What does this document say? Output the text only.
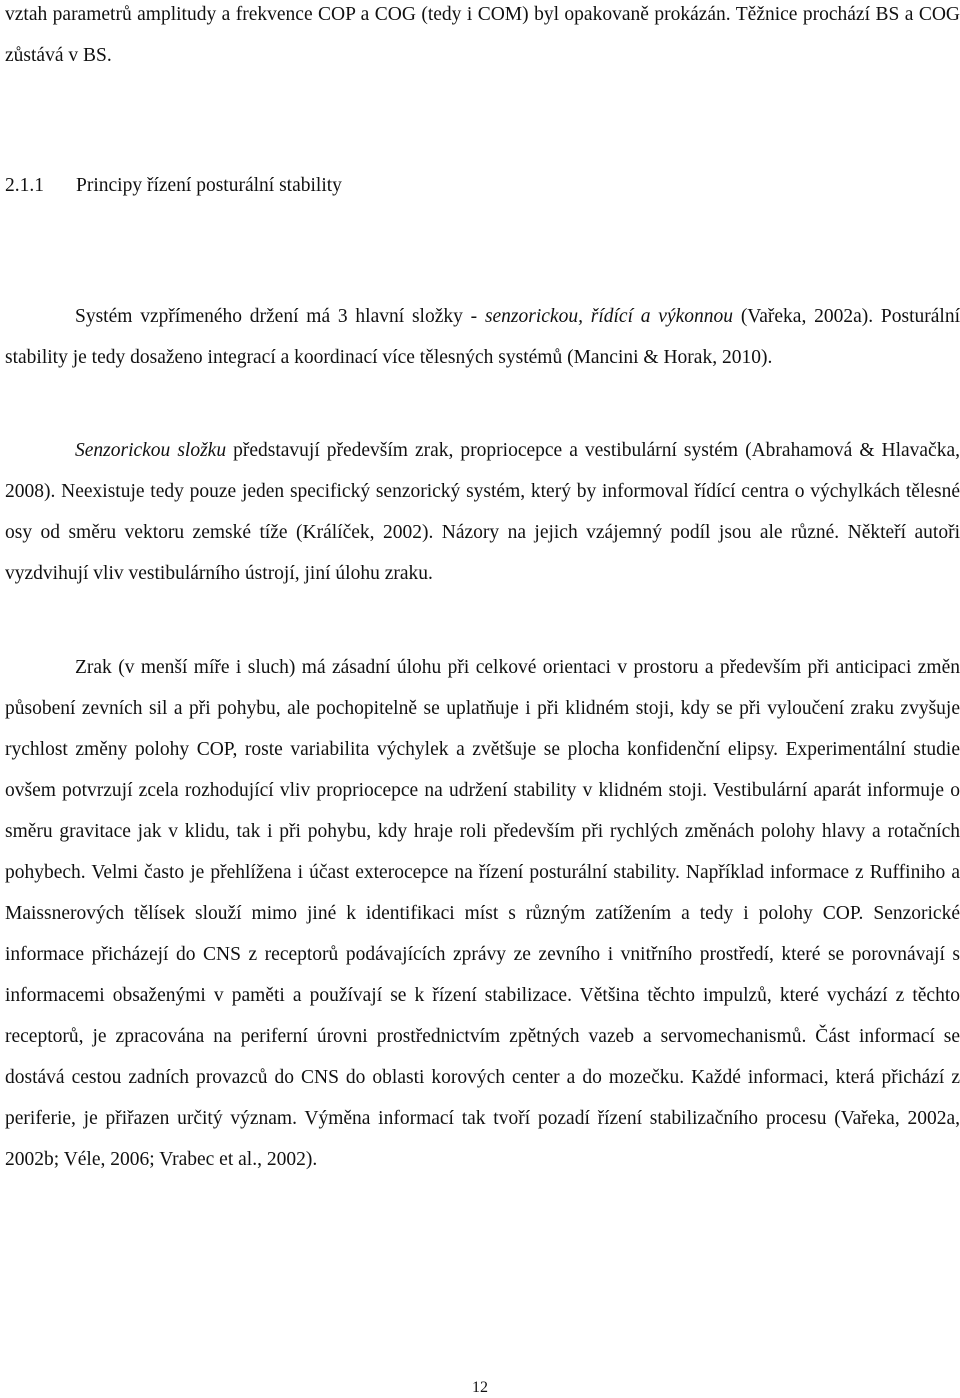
vztah parametrů amplitudy a frekvence COP a COG (tedy i COM) byl opakovaně prokázán. Těžnice prochází BS a COG zůstává v BS.

2.1.1 Principy řízení posturální stability

Systém vzpřímeného držení má 3 hlavní složky - senzorickou, řídící a výkonnou (Vařeka, 2002a). Posturální stability je tedy dosaženo integrací a koordinací více tělesných systémů (Mancini & Horak, 2010).

Senzorickou složku představují především zrak, propriocepce a vestibulární systém (Abrahamová & Hlavačka, 2008). Neexistuje tedy pouze jeden specifický senzorický systém, který by informoval řídící centra o výchylkách tělesné osy od směru vektoru zemské tíže (Králíček, 2002). Názory na jejich vzájemný podíl jsou ale různé. Někteří autoři vyzdvihují vliv vestibulárního ústrojí, jiní úlohu zraku.

Zrak (v menší míře i sluch) má zásadní úlohu při celkové orientaci v prostoru a především při anticipaci změn působení zevních sil a při pohybu, ale pochopitelně se uplatňuje i při klidném stoji, kdy se při vyloučení zraku zvyšuje rychlost změny polohy COP, roste variabilita výchylek a zvětšuje se plocha konfidenční elipsy. Experimentální studie ovšem potvrzují zcela rozhodující vliv propriocepce na udržení stability v klidném stoji. Vestibulární aparát informuje o směru gravitace jak v klidu, tak i při pohybu, kdy hraje roli především při rychlých změnách polohy hlavy a rotačních pohybech. Velmi často je přehlížena i účast exterocepce na řízení posturální stability. Například informace z Ruffiniho a Maissnerových tělísek slouží mimo jiné k identifikaci míst s různým zatížením a tedy i polohy COP. Senzorické informace přicházejí do CNS z receptorů podávajících zprávy ze zevního i vnitřního prostředí, které se porovnávají s informacemi obsaženými v paměti a používají se k řízení stabilizace. Většina těchto impulzů, které vychází z těchto receptorů, je zpracována na periferní úrovni prostřednictvím zpětných vazeb a servomechanismů. Část informací se dostává cestou zadních provazců do CNS do oblasti korových center a do mozečku. Každé informaci, která přichází z periferie, je přiřazen určitý význam. Výměna informací tak tvoří pozadí řízení stabilizačního procesu (Vařeka, 2002a, 2002b; Véle, 2006; Vrabec et al., 2002).

12
